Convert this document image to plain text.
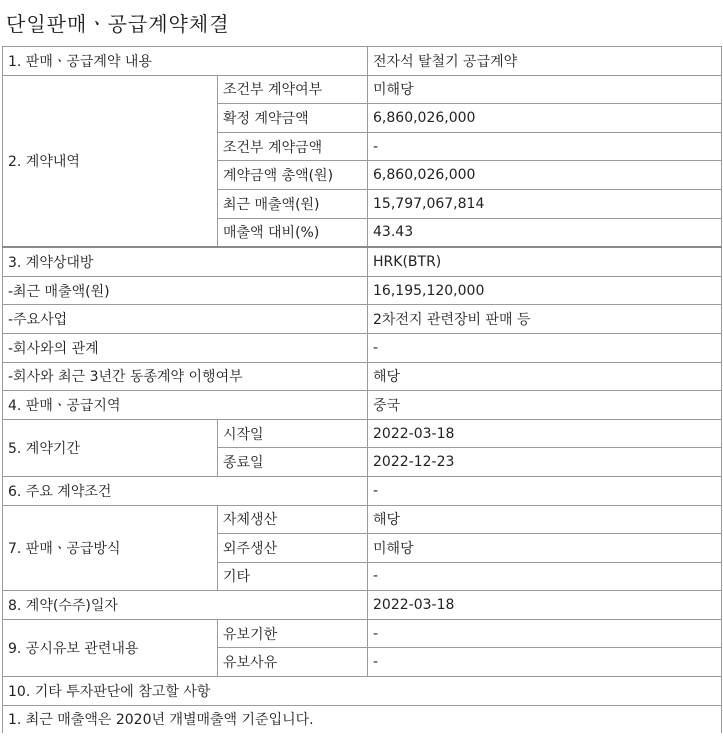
단일판매ㆍ공급계약체결
1. 판매ㆍ공급계약 내용		전자석 탈철기 공급계약
2. 계약내역	조건부 계약여부	미해당
	확정 계약금액	6,860,026,000
	조건부 계약금액	-
	계약금액 총액(원)	6,860,026,000
	최근 매출액(원)	15,797,067,814
	매출액 대비(%)	43.43
3. 계약상대방		HRK(BTR)
-최근 매출액(원)		16,195,120,000
-주요사업		2차전지 관련장비 판매 등
-회사와의 관계		-
-회사와 최근 3년간 동종계약 이행여부		해당
4. 판매ㆍ공급지역		중국
5. 계약기간	시작일	2022-03-18
	종료일	2022-12-23
6. 주요 계약조건		-
7. 판매ㆍ공급방식	자체생산	해당
	외주생산	미해당
	기타	-
8. 계약(수주)일자		2022-03-18
9. 공시유보 관련내용	유보기한	-
	유보사유	-
10. 기타 투자판단에 참고할 사항		
1. 최근 매출액은 2020년 개별매출액 기준입니다.		
